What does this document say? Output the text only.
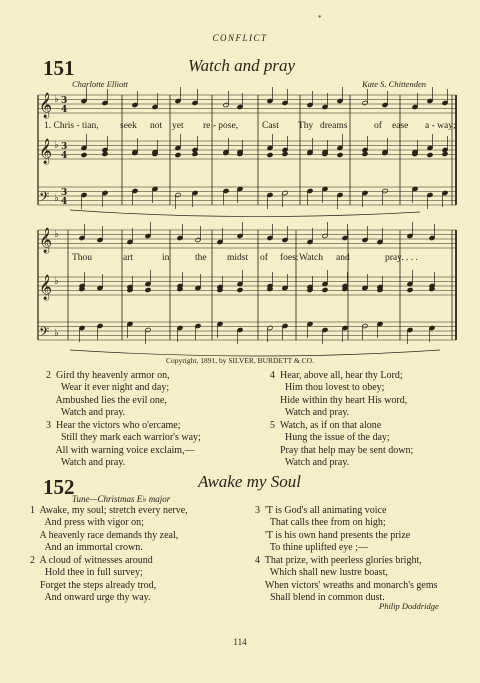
*
CONFLICT
151	Watch and pray
Charlotte Elliott	Kate S. Chittenden
𝄞 ♭ 3
4
𝄞 ♭ 3
4
𝄢 ♭ 3
4
𝄞 ♭
𝄞 ♭
𝄢 ♭
1. Chris - tian, seek not yet re - pose,	Cast Thy dreams	of ease a - way;
Thou	art	in	the midst of foes: Watch and	pray. . . .
Copyright, 1891, by SILVER, BURDETT & CO.
2  Gird thy heavenly armor on,
Wear it ever night and day;
Ambushed lies the evil one,
Watch and pray.
4  Hear, above all, hear thy Lord;
Him thou lovest to obey;
Hide within thy heart His word,
Watch and pray.
3  Hear the victors who o'ercame;
Still they mark each warrior's way;
All with warning voice exclaim,—
Watch and pray.
5  Watch, as if on that alone
Hung the issue of the day;
Pray that help may be sent down;
Watch and pray.
152	Awake my Soul
Tune—Christmas E♭ major
1  Awake, my soul; stretch every nerve,
And press with vigor on;
A heavenly race demands thy zeal,
And an immortal crown.
3  'T is God's all animating voice
That calls thee from on high;
'T is his own hand presents the prize
To thine uplifted eye ;—
2  A cloud of witnesses around
Hold thee in full survey;
Forget the steps already trod,
And onward urge thy way.
4  That prize, with peerless glories bright,
Which shall new lustre boast,
When victors' wreaths and monarch's gems
Shall blend in common dust.
Philip Doddridge
114
